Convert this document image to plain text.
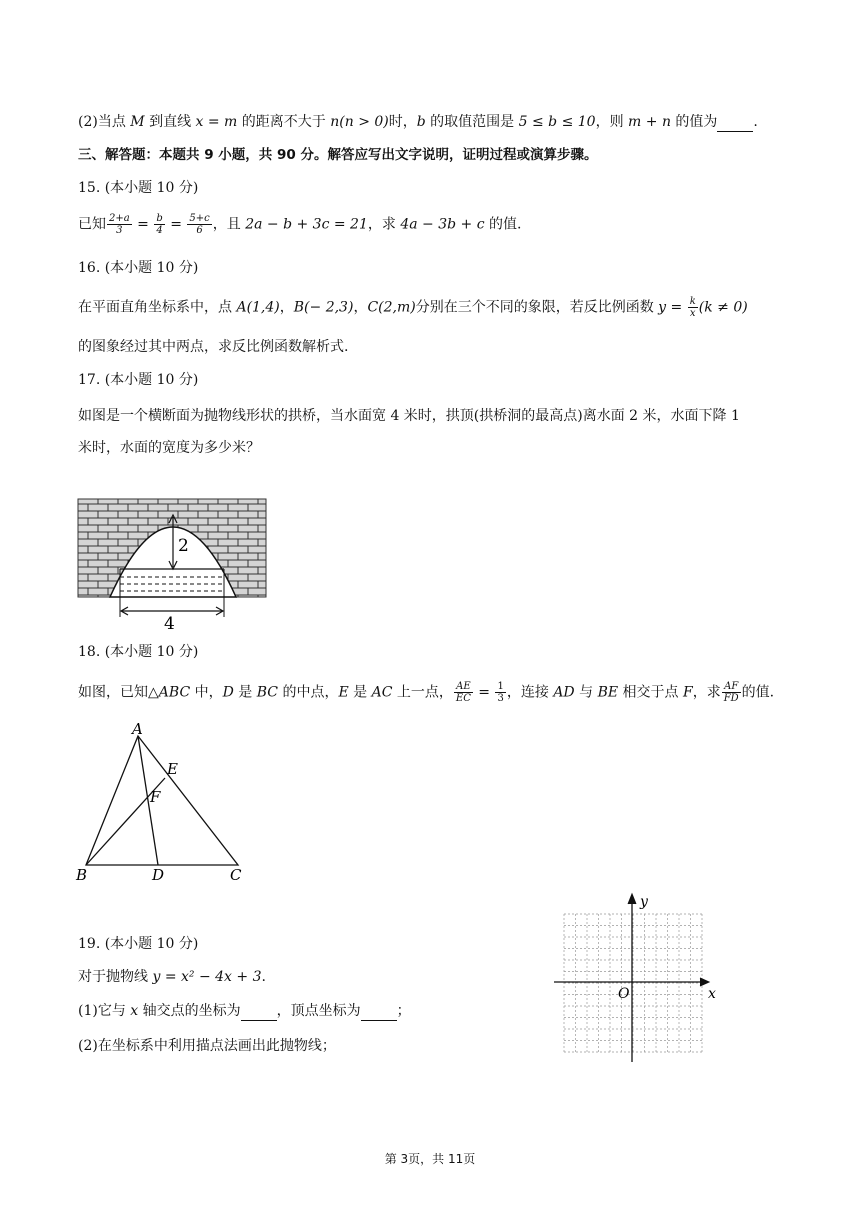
(2)当点 M 到直线 x = m 的距离不大于 n(n > 0)时，b 的取值范围是 5 ≤ b ≤ 10，则 m + n 的值为	.
三、解答题：本题共 9 小题，共 90 分。解答应写出文字说明，证明过程或演算步骤。
15. (本小题 10 分)
已知 $\frac{2+a}{3} = \frac{b}{4} = \frac{5+c}{6}$ ，且 2a − b + 3c = 21，求 4a − 3b + c 的值.
16. (本小题 10 分)
在平面直角坐标系中，点 A(1,4)，B(− 2,3)，C(2,m)分别在三个不同的象限，若反比例函数 $y = \frac{k}{x} (k \ne 0)$
的图象经过其中两点，求反比例函数解析式.
17. (本小题 10 分)
如图是一个横断面为抛物线形状的拱桥，当水面宽 4 米时，拱顶(拱桥洞的最高点)离水面 2 米，水面下降 1
米时，水面的宽度为多少米？
2
4
18. (本小题 10 分)
如图，已知△ABC 中，D 是 BC 的中点，E 是 AC 上一点， $\frac{AE}{EC} = \frac{1}{3}$ ，连接 AD 与 BE 相交于点 F，求 $\frac{AF}{FD}$ 的值.
A
B	C
D
E
F
19. (本小题 10 分)
对于抛物线 y = x² − 4x + 3.
(1)它与 x 轴交点的坐标为	，顶点坐标为	；
(2)在坐标系中利用描点法画出此抛物线；
x
y
O
第 3页，共 11页
